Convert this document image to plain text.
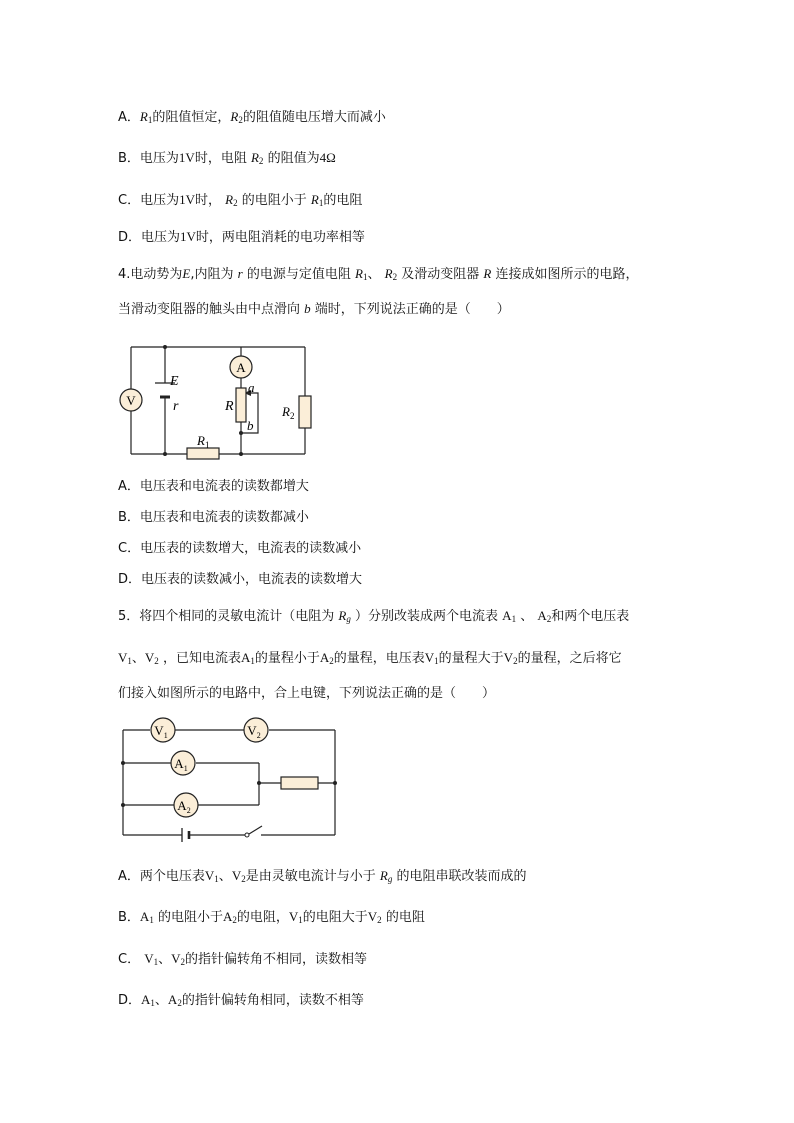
A．$R_1$的阻值恒定，$R_2$的阻值随电压增大而减小
B．电压为1V时，电阻 $R_2$ 的阻值为4Ω
C．电压为1V时， $R_2$ 的电阻小于 $R_1$的电阻
D．电压为1V时，两电阻消耗的电功率相等
4.电动势为E,内阻为 r 的电源与定值电阻 $R_1$、 $R_2$ 及滑动变阻器 R 连接成如图所示的电路，
当滑动变阻器的触头由中点滑向 b 端时，下列说法正确的是（　　）
V
A
E
r	R
a
b
$R_1$
$R_2$
A．电压表和电流表的读数都增大
B．电压表和电流表的读数都减小
C．电压表的读数增大，电流表的读数减小
D．电压表的读数减小，电流表的读数增大
5．将四个相同的灵敏电流计（电阻为 $R_g$ ）分别改装成两个电流表 $A_1$ 、 $A_2$和两个电压表
$V_1$、$V_2$ ，已知电流表$A_1$的量程小于$A_2$的量程，电压表$V_1$的量程大于$V_2$的量程，之后将它
们接入如图所示的电路中，合上电键，下列说法正确的是（　　）
$V_1$	$V_2$
$A_1$
$A_2$
A．两个电压表$V_1$、$V_2$是由灵敏电流计与小于 $R_g$ 的电阻串联改装而成的
B．$A_1$ 的电阻小于$A_2$的电阻，$V_1$的电阻大于$V_2$ 的电阻
C． $V_1$、$V_2$的指针偏转角不相同，读数相等
D．$A_1$、$A_2$的指针偏转角相同，读数不相等
